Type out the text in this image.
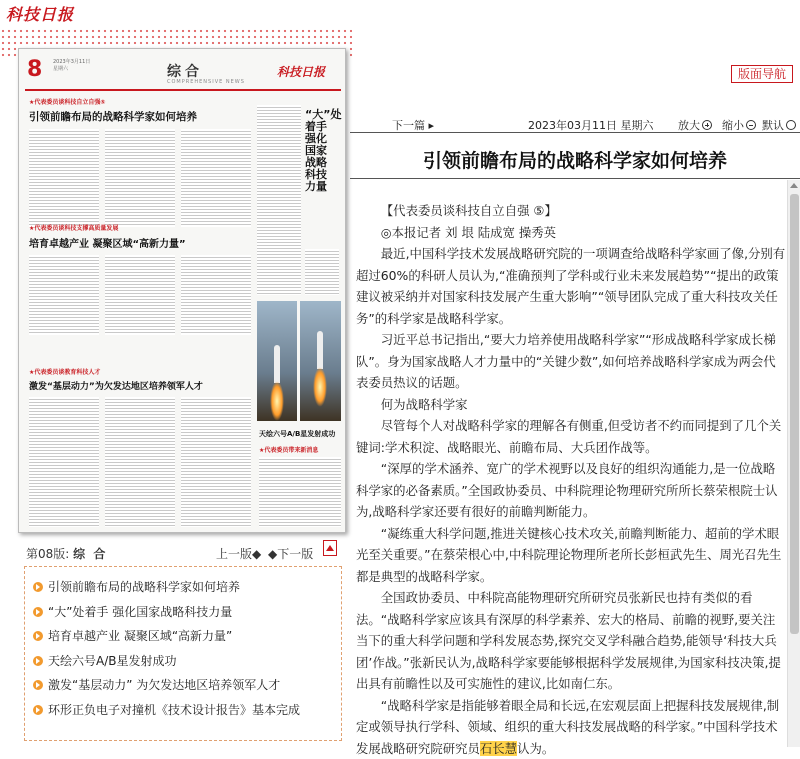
科技日报
8 2023年3月11日
星期六	综合
COMPREHENSIVE NEWS
科技日报
★代表委员谈科技自立自强⑤
引领前瞻布局的战略科学家如何培养	“大”处着手 强化国家战略科技力量
★代表委员谈科技支撑高质量发展
培育卓越产业 凝聚区域“高新力量”
★代表委员谈教育科技人才
激发“基层动力”为欠发达地区培养领军人才
天绘六号A/B星发射成功
★代表委员带来新消息
第08版: 综 合	上一版◆ ◆下一版
引领前瞻布局的战略科学家如何培养
“大”处着手 强化国家战略科技力量
培育卓越产业 凝聚区域“高新力量”
天绘六号A/B星发射成功
激发“基层动力” 为欠发达地区培养领军人才
环形正负电子对撞机《技术设计报告》基本完成
版面导航
下一篇 ▸	2023年03月11日 星期六 放大	缩小	默认
引领前瞻布局的战略科学家如何培养

【代表委员谈科技自立自强 ⑤】

◎本报记者 刘 垠 陆成宽 操秀英

最近,中国科学技术发展战略研究院的一项调查给战略科学家画了像,分别有超过60%的科研人员认为,“准确预判了学科或行业未来发展趋势”“提出的政策建议被采纳并对国家科技发展产生重大影响”“领导团队完成了重大科技攻关任务”的科学家是战略科学家。

习近平总书记指出,“要大力培养使用战略科学家”“形成战略科学家成长梯队”。身为国家战略人才力量中的“关键少数”,如何培养战略科学家成为两会代表委员热议的话题。

何为战略科学家

尽管每个人对战略科学家的理解各有侧重,但受访者不约而同提到了几个关键词:学术积淀、战略眼光、前瞻布局、大兵团作战等。

“深厚的学术涵养、宽广的学术视野以及良好的组织沟通能力,是一位战略科学家的必备素质。”全国政协委员、中科院理论物理研究所所长蔡荣根院士认为,战略科学家还要有很好的前瞻判断能力。

“凝练重大科学问题,推进关键核心技术攻关,前瞻判断能力、超前的学术眼光至关重要。”在蔡荣根心中,中科院理论物理所老所长彭桓武先生、周光召先生都是典型的战略科学家。

全国政协委员、中科院高能物理研究所研究员张新民也持有类似的看法。“战略科学家应该具有深厚的科学素养、宏大的格局、前瞻的视野,要关注当下的重大科学问题和学科发展态势,探究交叉学科融合趋势,能领导‘科技大兵团’作战。”张新民认为,战略科学家要能够根据科学发展规律,为国家科技决策,提出具有前瞻性以及可实施性的建议,比如南仁东。

“战略科学家是指能够着眼全局和长远,在宏观层面上把握科技发展规律,制定或领导执行学科、领域、组织的重大科技发展战略的科学家。”中国科学技术发展战略研究院研究员石长慧认为。
